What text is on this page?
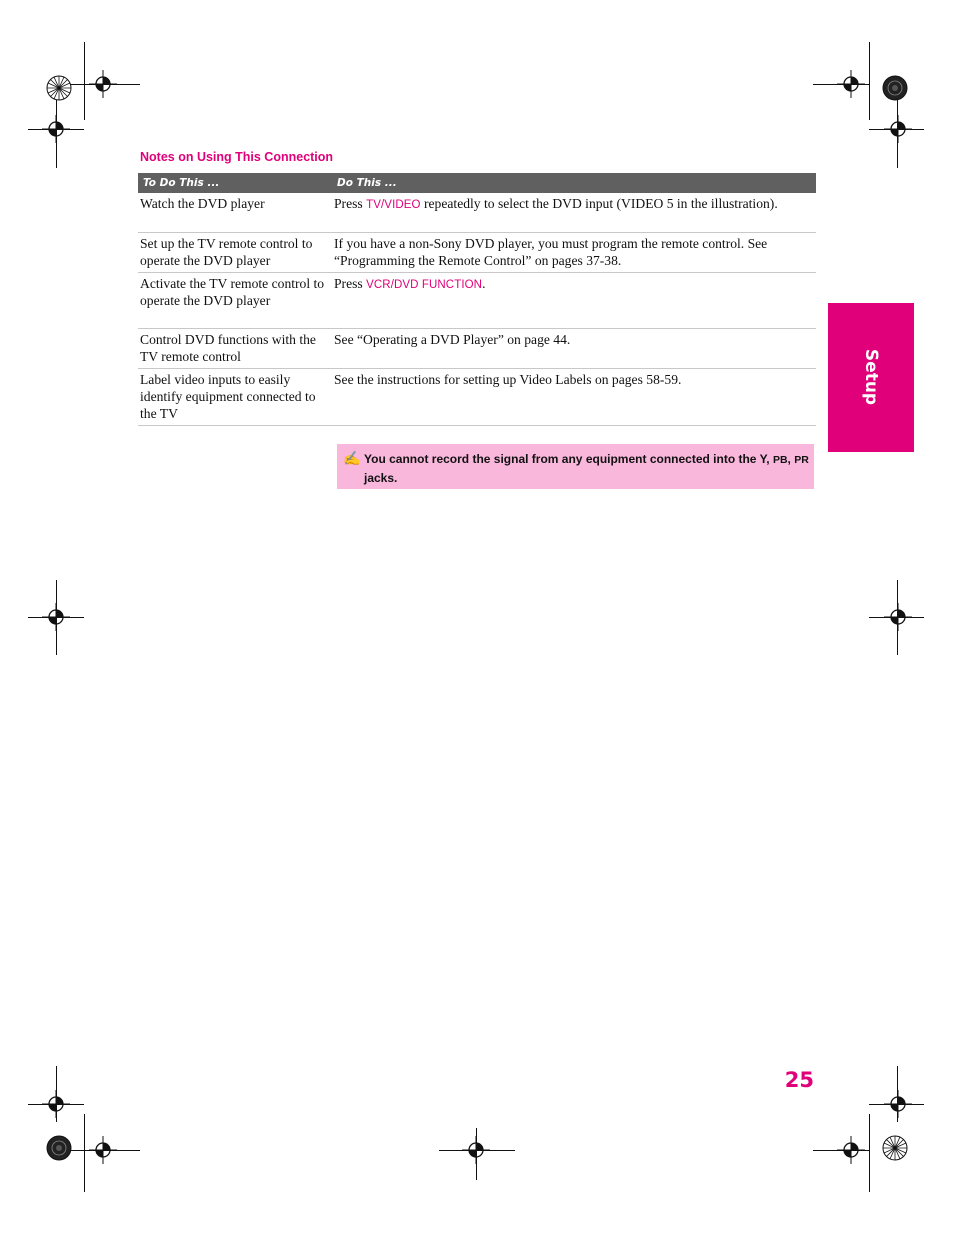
Notes on Using This Connection
To Do This ...	Do This ...
Watch the DVD player	Press TV/VIDEO repeatedly to select the DVD input (VIDEO 5 in the illustration).
Set up the TV remote control to operate the DVD player	If you have a non-Sony DVD player, you must program the remote control. See “Programming the Remote Control” on pages 37-38.
Activate the TV remote control to operate the DVD player	Press VCR/DVD FUNCTION.
Control DVD functions with the TV remote control	See “Operating a DVD Player” on page 44.
Label video inputs to easily identify equipment connected to the TV	See the instructions for setting up Video Labels on pages 58-59.
✍ You cannot record the signal from any equipment connected into the Y, PB, PR jacks.
Setup
25
